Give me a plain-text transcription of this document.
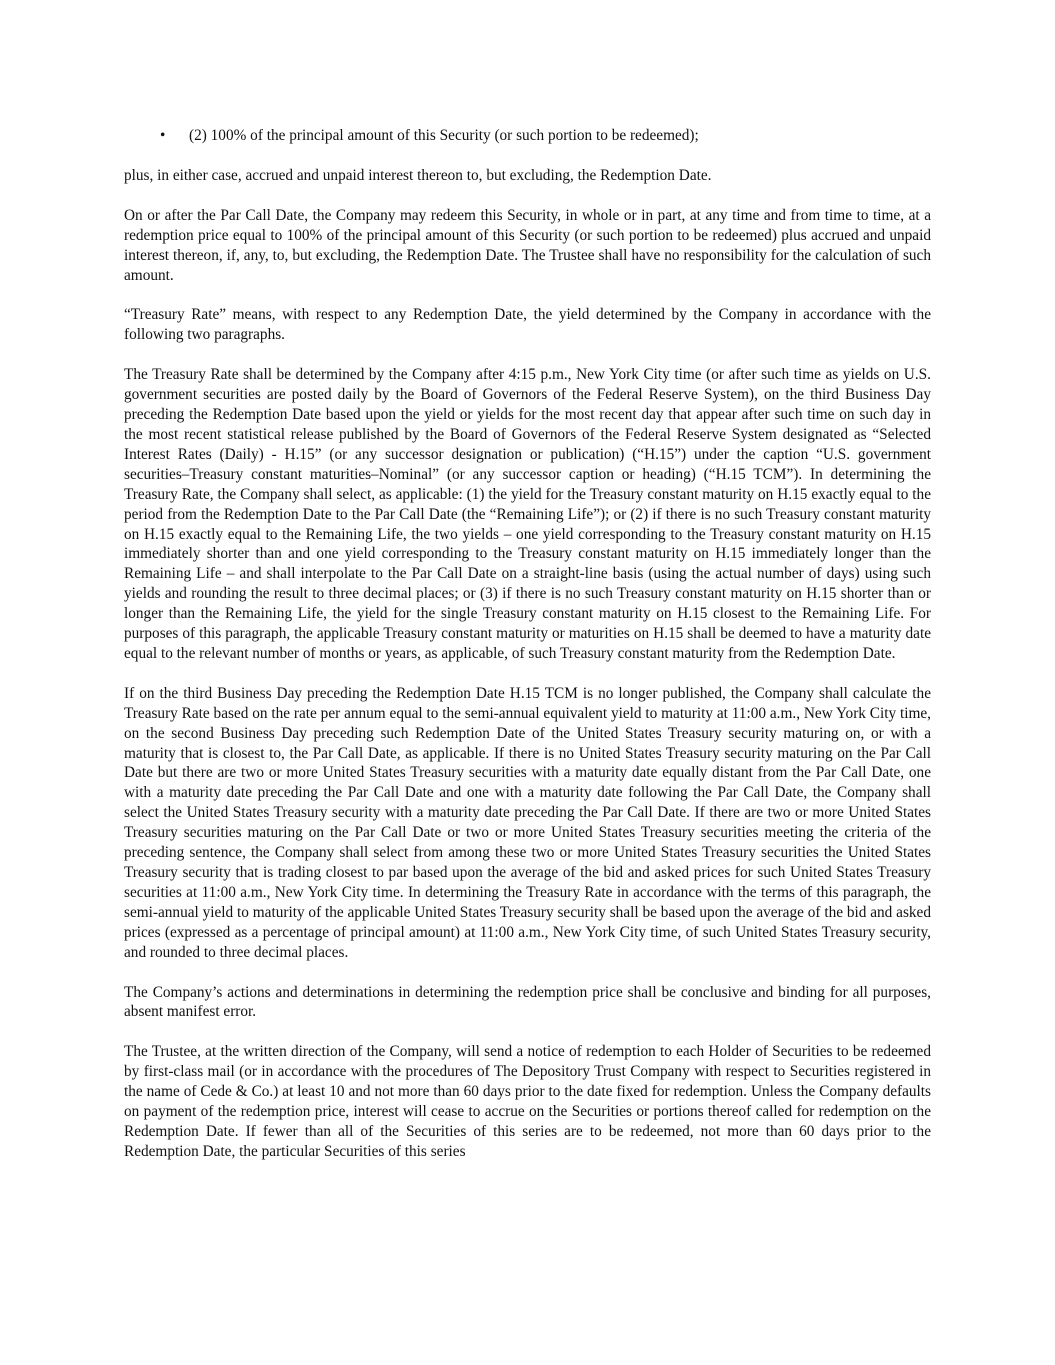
• (2) 100% of the principal amount of this Security (or such portion to be redeemed);

plus, in either case, accrued and unpaid interest thereon to, but excluding, the Redemption Date.

On or after the Par Call Date, the Company may redeem this Security, in whole or in part, at any time and from time to time, at a redemption price equal to 100% of the principal amount of this Security (or such portion to be redeemed) plus accrued and unpaid interest thereon, if, any, to, but excluding, the Redemption Date. The Trustee shall have no responsibility for the calculation of such amount.

“Treasury Rate” means, with respect to any Redemption Date, the yield determined by the Company in accordance with the following two paragraphs.

The Treasury Rate shall be determined by the Company after 4:15 p.m., New York City time (or after such time as yields on U.S. government securities are posted daily by the Board of Governors of the Federal Reserve System), on the third Business Day preceding the Redemption Date based upon the yield or yields for the most recent day that appear after such time on such day in the most recent statistical release published by the Board of Governors of the Federal Reserve System designated as “Selected Interest Rates (Daily) - H.15” (or any successor designation or publication) (“H.15”) under the caption “U.S. government securities–Treasury constant maturities–Nominal” (or any successor caption or heading) (“H.15 TCM”). In determining the Treasury Rate, the Company shall select, as applicable: (1) the yield for the Treasury constant maturity on H.15 exactly equal to the period from the Redemption Date to the Par Call Date (the “Remaining Life”); or (2) if there is no such Treasury constant maturity on H.15 exactly equal to the Remaining Life, the two yields – one yield corresponding to the Treasury constant maturity on H.15 immediately shorter than and one yield corresponding to the Treasury constant maturity on H.15 immediately longer than the Remaining Life – and shall interpolate to the Par Call Date on a straight-line basis (using the actual number of days) using such yields and rounding the result to three decimal places; or (3) if there is no such Treasury constant maturity on H.15 shorter than or longer than the Remaining Life, the yield for the single Treasury constant maturity on H.15 closest to the Remaining Life. For purposes of this paragraph, the applicable Treasury constant maturity or maturities on H.15 shall be deemed to have a maturity date equal to the relevant number of months or years, as applicable, of such Treasury constant maturity from the Redemption Date.

If on the third Business Day preceding the Redemption Date H.15 TCM is no longer published, the Company shall calculate the Treasury Rate based on the rate per annum equal to the semi-annual equivalent yield to maturity at 11:00 a.m., New York City time, on the second Business Day preceding such Redemption Date of the United States Treasury security maturing on, or with a maturity that is closest to, the Par Call Date, as applicable. If there is no United States Treasury security maturing on the Par Call Date but there are two or more United States Treasury securities with a maturity date equally distant from the Par Call Date, one with a maturity date preceding the Par Call Date and one with a maturity date following the Par Call Date, the Company shall select the United States Treasury security with a maturity date preceding the Par Call Date. If there are two or more United States Treasury securities maturing on the Par Call Date or two or more United States Treasury securities meeting the criteria of the preceding sentence, the Company shall select from among these two or more United States Treasury securities the United States Treasury security that is trading closest to par based upon the average of the bid and asked prices for such United States Treasury securities at 11:00 a.m., New York City time. In determining the Treasury Rate in accordance with the terms of this paragraph, the semi-annual yield to maturity of the applicable United States Treasury security shall be based upon the average of the bid and asked prices (expressed as a percentage of principal amount) at 11:00 a.m., New York City time, of such United States Treasury security, and rounded to three decimal places.

The Company’s actions and determinations in determining the redemption price shall be conclusive and binding for all purposes, absent manifest error.

The Trustee, at the written direction of the Company, will send a notice of redemption to each Holder of Securities to be redeemed by first-class mail (or in accordance with the procedures of The Depository Trust Company with respect to Securities registered in the name of Cede & Co.) at least 10 and not more than 60 days prior to the date fixed for redemption. Unless the Company defaults on payment of the redemption price, interest will cease to accrue on the Securities or portions thereof called for redemption on the Redemption Date. If fewer than all of the Securities of this series are to be redeemed, not more than 60 days prior to the Redemption Date, the particular Securities of this series
